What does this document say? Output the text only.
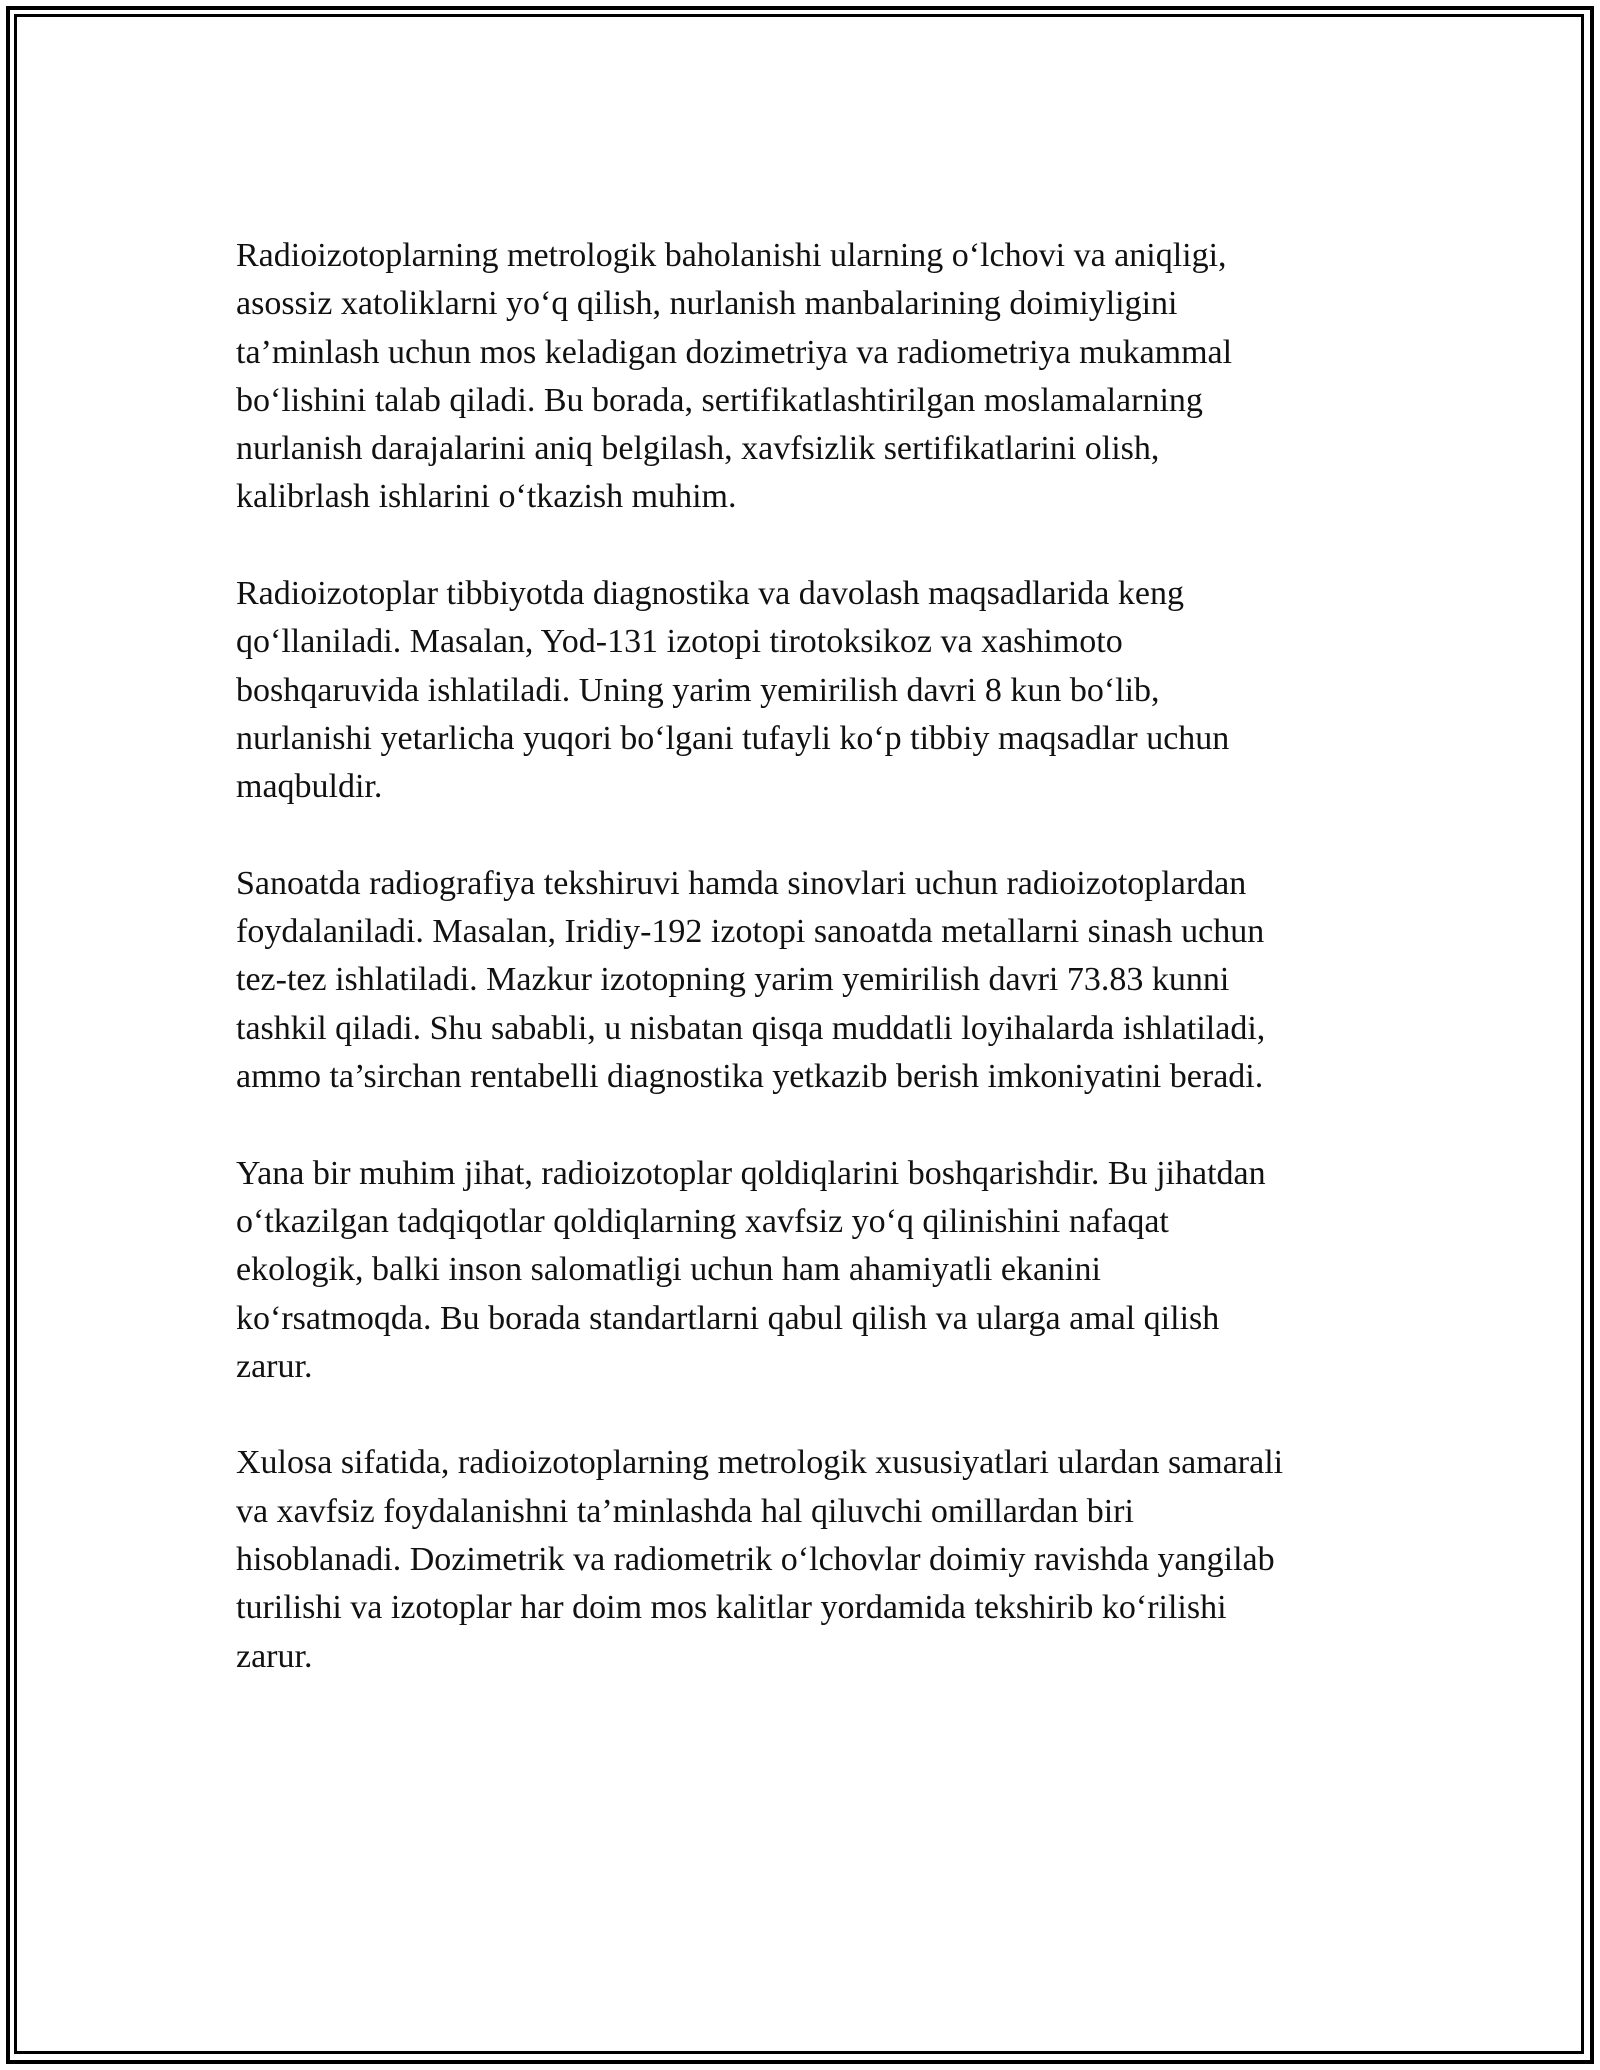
Radioizotoplarning metrologik baholanishi ularning o‘lchovi va aniqligi,
asossiz xatoliklarni yo‘q qilish, nurlanish manbalarining doimiyligini
ta’minlash uchun mos keladigan dozimetriya va radiometriya mukammal
bo‘lishini talab qiladi. Bu borada, sertifikatlashtirilgan moslamalarning
nurlanish darajalarini aniq belgilash, xavfsizlik sertifikatlarini olish,
kalibrlash ishlarini o‘tkazish muhim.

Radioizotoplar tibbiyotda diagnostika va davolash maqsadlarida keng
qo‘llaniladi. Masalan, Yod-131 izotopi tirotoksikoz va xashimoto
boshqaruvida ishlatiladi. Uning yarim yemirilish davri 8 kun bo‘lib,
nurlanishi yetarlicha yuqori bo‘lgani tufayli ko‘p tibbiy maqsadlar uchun
maqbuldir.

Sanoatda radiografiya tekshiruvi hamda sinovlari uchun radioizotoplardan
foydalaniladi. Masalan, Iridiy-192 izotopi sanoatda metallarni sinash uchun
tez-tez ishlatiladi. Mazkur izotopning yarim yemirilish davri 73.83 kunni
tashkil qiladi. Shu sababli, u nisbatan qisqa muddatli loyihalarda ishlatiladi,
ammo ta’sirchan rentabelli diagnostika yetkazib berish imkoniyatini beradi.

Yana bir muhim jihat, radioizotoplar qoldiqlarini boshqarishdir. Bu jihatdan
o‘tkazilgan tadqiqotlar qoldiqlarning xavfsiz yo‘q qilinishini nafaqat
ekologik, balki inson salomatligi uchun ham ahamiyatli ekanini
ko‘rsatmoqda. Bu borada standartlarni qabul qilish va ularga amal qilish
zarur.

Xulosa sifatida, radioizotoplarning metrologik xususiyatlari ulardan samarali
va xavfsiz foydalanishni ta’minlashda hal qiluvchi omillardan biri
hisoblanadi. Dozimetrik va radiometrik o‘lchovlar doimiy ravishda yangilab
turilishi va izotoplar har doim mos kalitlar yordamida tekshirib ko‘rilishi
zarur.
